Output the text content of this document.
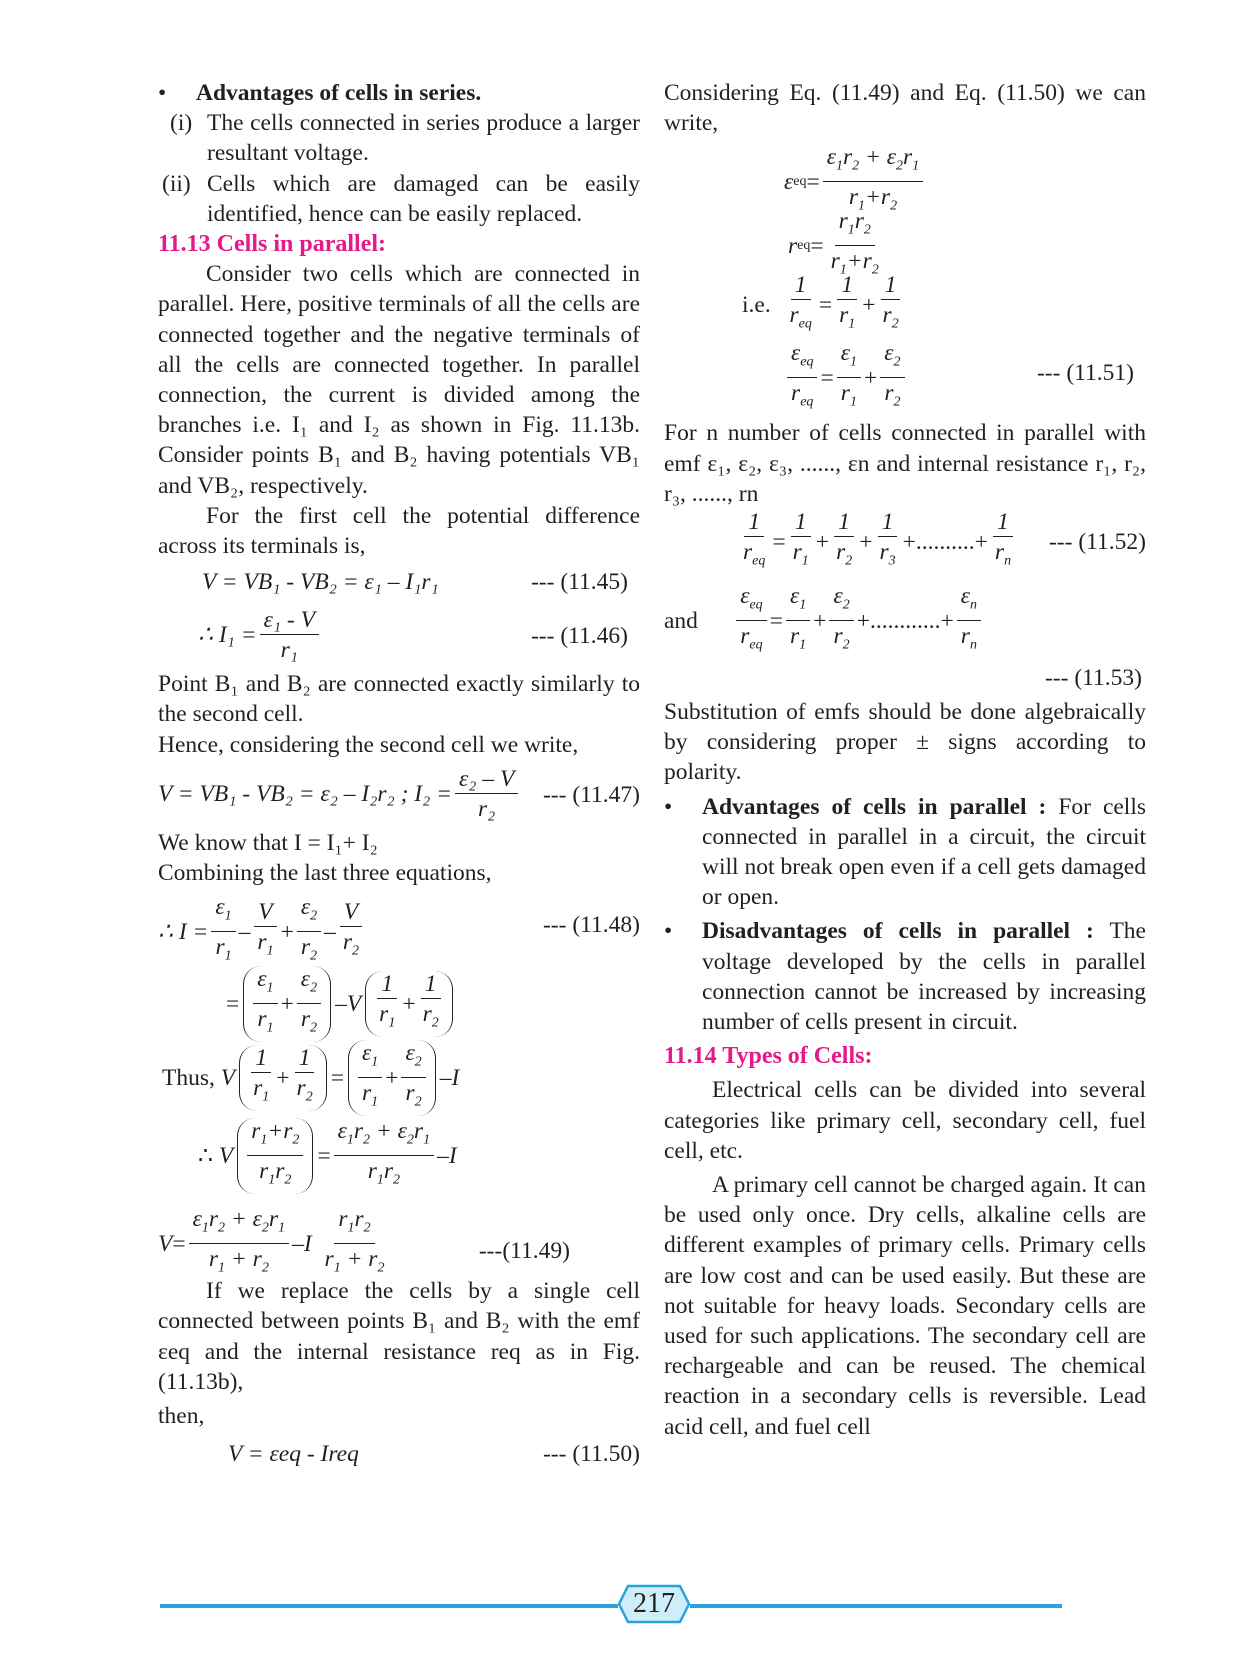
• Advantages of cells in series.

(i) The cells connected in series produce a larger resultant voltage.

(ii) Cells which are damaged can be easily identified, hence can be easily replaced.

11.13 Cells in parallel:

Consider two cells which are connected in parallel. Here, positive terminals of all the cells are connected together and the negative terminals of all the cells are connected together. In parallel connection, the current is divided among the branches i.e. I₁ and I₂ as shown in Fig. 11.13b. Consider points B₁ and B₂ having potentials VB₁ and VB₂, respectively.

For the first cell the potential difference across its terminals is,

V = VB₁ - VB₂ = ε₁ – I₁r₁	--- (11.45)
∴ $I_1 = \frac{\text{ε₁ - V}}{\text{r₁}}$	--- (11.46)

Point B₁ and B₂ are connected exactly similarly to the second cell.

Hence, considering the second cell we write,

V = VB₁ - VB₂ = ε₂ – I₂r₂ ; $I_2 = \frac{\text{ε₂ – V}}{\text{r₂}}$ --- (11.47)

We know that I = I₁+ I₂

Combining the last three equations,

∴ $I = \frac{\varepsilon_1}{r_1} - \frac{V}{r_1} + \frac{\varepsilon_2}{r_2} - \frac{V}{r_2}$	--- (11.48)
= $\frac{\varepsilon_1}{r_1} + \frac{\varepsilon_2}{r_2} - V \frac{1}{r_1} + \frac{1}{r_2}$
Thus,
V $\frac{1}{r_1} + \frac{1}{r_2} = \frac{\varepsilon_1}{r_1} + \frac{\varepsilon_2}{r_2} - I$
∴ V $\frac{r_1+r_2}{r_1r_2} = \frac{\varepsilon_1r_2 + \varepsilon_2r_1}{r_1r_2} - I$
$V = \frac{\varepsilon_1r_2 + \varepsilon_2r_1}{r_1 + r_2} - I$
$\frac{r_1r_2}{r_1 + r_2}$	---(11.49)

If we replace the cells by a single cell connected between points B₁ and B₂ with the emf εeq and the internal resistance req as in Fig. (11.13b),

then,

V = εeq - Ireq	--- (11.50)

Considering Eq. (11.49) and Eq. (11.50) we can write,

ε eq = $\frac{\varepsilon_1r_2 + \varepsilon_2r_1}{r_1+r_2}$
r eq = $\frac{r_1r_2}{r_1+r_2}$
i.e.
$\frac{1}{r_{eq}} = \frac{1}{r_1} + \frac{1}{r_2}$
$\frac{\varepsilon_{eq}}{r_{eq}} = \frac{\varepsilon_1}{r_1} + \frac{\varepsilon_2}{r_2}$	--- (11.51)

For n number of cells connected in parallel with emf ε₁, ε₂, ε₃, ......, εn and internal resistance r₁, r₂, r₃, ......, rn

$\frac{1}{r_{eq}} = \frac{1}{r_1} + \frac{1}{r_2} + \frac{1}{r_3}$ +..........+ $\frac{1}{r_n}$ --- (11.52)
and
$\frac{\varepsilon_{eq}}{r_{eq}} = \frac{\varepsilon_1}{r_1} + \frac{\varepsilon_2}{r_2}$ +............+ $\frac{\varepsilon_n}{r_n}$
--- (11.53)

Substitution of emfs should be done algebraically by considering proper ± signs according to polarity.

• Advantages of cells in parallel : For cells connected in parallel in a circuit, the circuit will not break open even if a cell gets damaged or open.

• Disadvantages of cells in parallel : The voltage developed by the cells in parallel connection cannot be increased by increasing number of cells present in circuit.

11.14 Types of Cells:

Electrical cells can be divided into several categories like primary cell, secondary cell, fuel cell, etc.

A primary cell cannot be charged again. It can be used only once. Dry cells, alkaline cells are different examples of primary cells. Primary cells are low cost and can be used easily. But these are not suitable for heavy loads. Secondary cells are used for such applications. The secondary cell are rechargeable and can be reused. The chemical reaction in a secondary cells is reversible. Lead acid cell, and fuel cell

217
